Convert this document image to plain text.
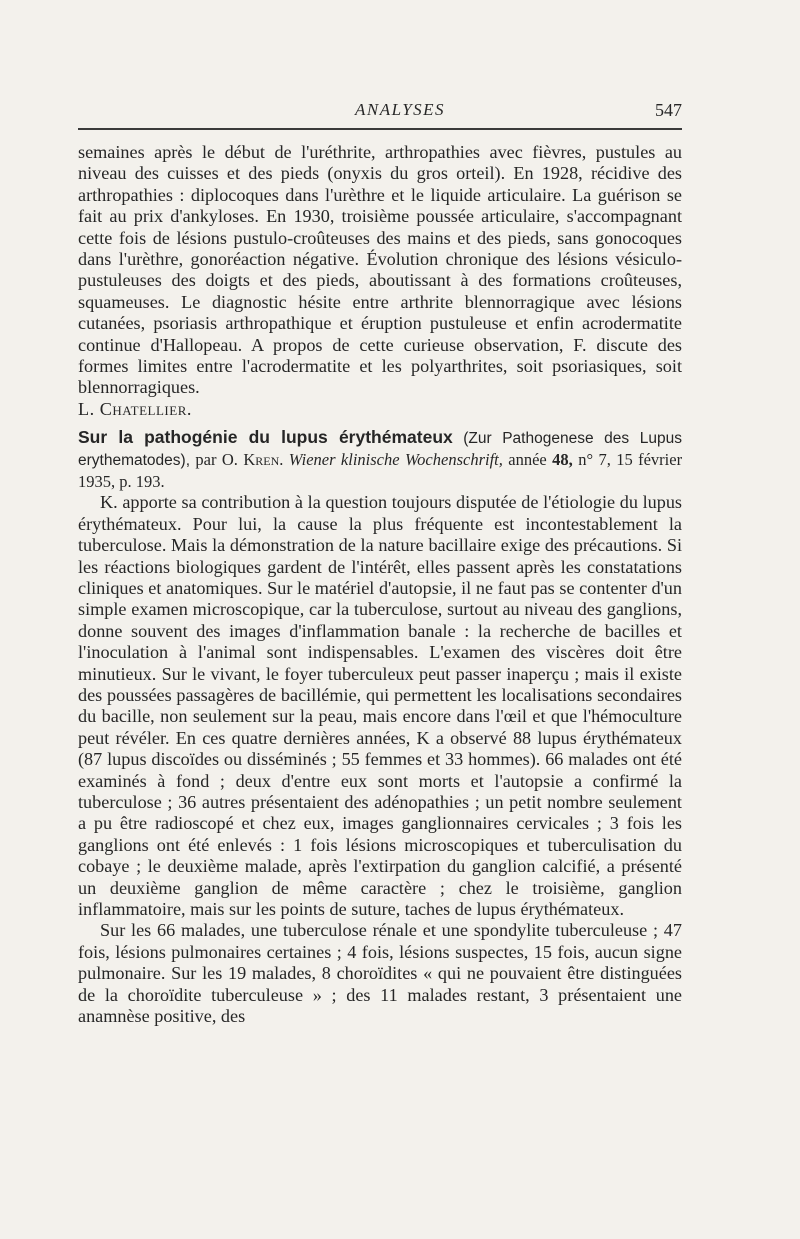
ANALYSES	547

semaines après le début de l'uréthrite, arthropathies avec fièvres, pustules au niveau des cuisses et des pieds (onyxis du gros orteil). En 1928, récidive des arthropathies : diplocoques dans l'urèthre et le liquide articulaire. La guérison se fait au prix d'ankyloses. En 1930, troisième poussée articulaire, s'accompagnant cette fois de lésions pustulo-croûteuses des mains et des pieds, sans gonocoques dans l'urèthre, gonoréaction négative. Évolution chronique des lésions vésiculo-pustuleuses des doigts et des pieds, aboutissant à des formations croûteuses, squameuses. Le diagnostic hésite entre arthrite blennorragique avec lésions cutanées, psoriasis arthropathique et éruption pustuleuse et enfin acrodermatite continue d'Hallopeau. A propos de cette curieuse observation, F. discute des formes limites entre l'acrodermatite et les polyarthrites, soit psoriasiques, soit blennorragiques.

L. Chatellier.

Sur la pathogénie du lupus érythémateux (Zur Pathogenese des Lupus erythematodes), par O. Kren. Wiener klinische Wochenschrift, année 48, n° 7, 15 février 1935, p. 193.

K. apporte sa contribution à la question toujours disputée de l'étiologie du lupus érythémateux. Pour lui, la cause la plus fréquente est incontestablement la tuberculose. Mais la démonstration de la nature bacillaire exige des précautions. Si les réactions biologiques gardent de l'intérêt, elles passent après les constatations cliniques et anatomiques. Sur le matériel d'autopsie, il ne faut pas se contenter d'un simple examen microscopique, car la tuberculose, surtout au niveau des ganglions, donne souvent des images d'inflammation banale : la recherche de bacilles et l'inoculation à l'animal sont indispensables. L'examen des viscères doit être minutieux. Sur le vivant, le foyer tuberculeux peut passer inaperçu ; mais il existe des poussées passagères de bacillémie, qui permettent les localisations secondaires du bacille, non seulement sur la peau, mais encore dans l'œil et que l'hémoculture peut révéler. En ces quatre dernières années, K a observé 88 lupus érythémateux (87 lupus discoïdes ou disséminés ; 55 femmes et 33 hommes). 66 malades ont été examinés à fond ; deux d'entre eux sont morts et l'autopsie a confirmé la tuberculose ; 36 autres présentaient des adénopathies ; un petit nombre seulement a pu être radioscopé et chez eux, images ganglionnaires cervicales ; 3 fois les ganglions ont été enlevés : 1 fois lésions microscopiques et tuberculisation du cobaye ; le deuxième malade, après l'extirpation du ganglion calcifié, a présenté un deuxième ganglion de même caractère ; chez le troisième, ganglion inflammatoire, mais sur les points de suture, taches de lupus érythémateux.

Sur les 66 malades, une tuberculose rénale et une spondylite tuberculeuse ; 47 fois, lésions pulmonaires certaines ; 4 fois, lésions suspectes, 15 fois, aucun signe pulmonaire. Sur les 19 malades, 8 choroïdites « qui ne pouvaient être distinguées de la choroïdite tuberculeuse » ; des 11 malades restant, 3 présentaient une anamnèse positive, des
